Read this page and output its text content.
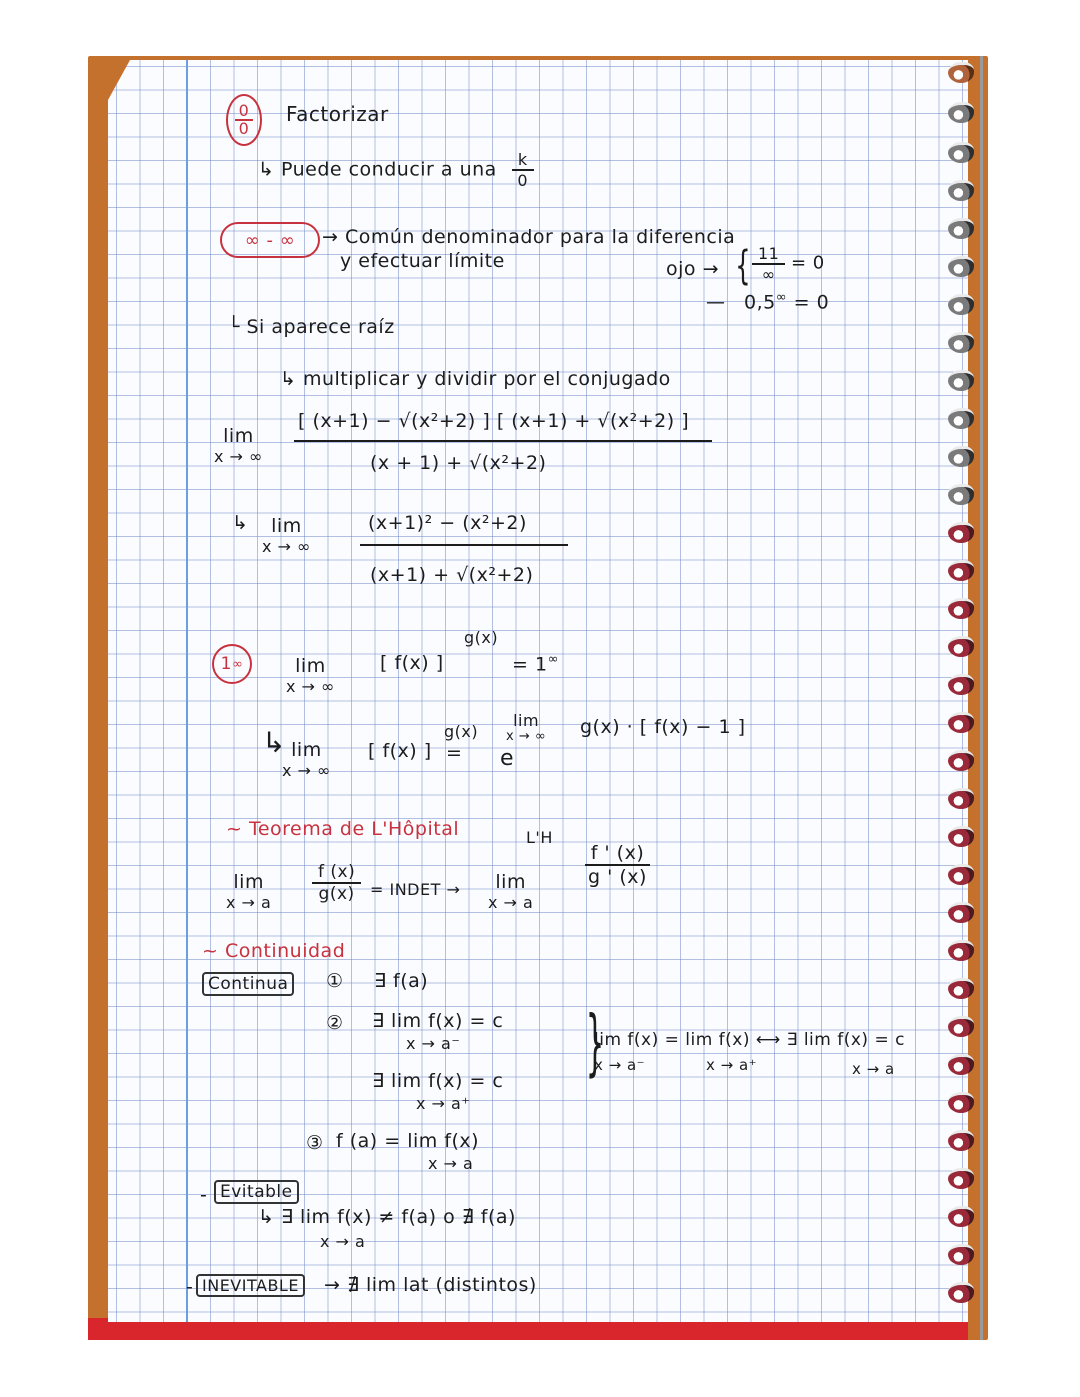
$\frac{0}{0}$ Factorizar
↳ Puede conducir a una $\frac{k}{0}$
∞ - ∞	→ Común denominador para la diferencia
y efectuar límite	ojo → { $\frac{11}{\infty} = 0$
— 0,5∞ = 0
└ Si aparece raíz
↳ multiplicar y dividir por el conjugado
lim
x → ∞
[ (x+1) − √(x²+2) ] [ (x+1) + √(x²+2) ]
(x + 1) + √(x²+2)
↳ lim
x → ∞
(x+1)² − (x²+2)
(x+1) + √(x²+2)
1 ∞	lim
x → ∞
[ f(x) ]
g(x)
= 1∞
↳ lim
x → ∞
[ f(x) ]
g(x)
= e
lim
x → ∞ g(x) · [ f(x) − 1 ]
~ Teorema de L'Hôpital	L'H
lim
x → a $\frac{f (x)}{g(x)}$ = INDET → lim
x → a
$\frac{f ' (x)}{g ' (x)}$
~ Continuidad
Continua	① ∃ f(a)
② ∃ lim f(x) = c
x → a⁻
∃ lim f(x) = c
x → a⁺
}
lim f(x) = lim f(x) ⟷ ∃ lim f(x) = c
x → a⁻	x → a⁺	x → a
③ f (a) = lim f(x)
x → a
- Evitable
↳ ∃ lim f(x) ≠ f(a) o ∄ f(a)
x → a
- INEVITABLE	→ ∄ lim lat (distintos)
